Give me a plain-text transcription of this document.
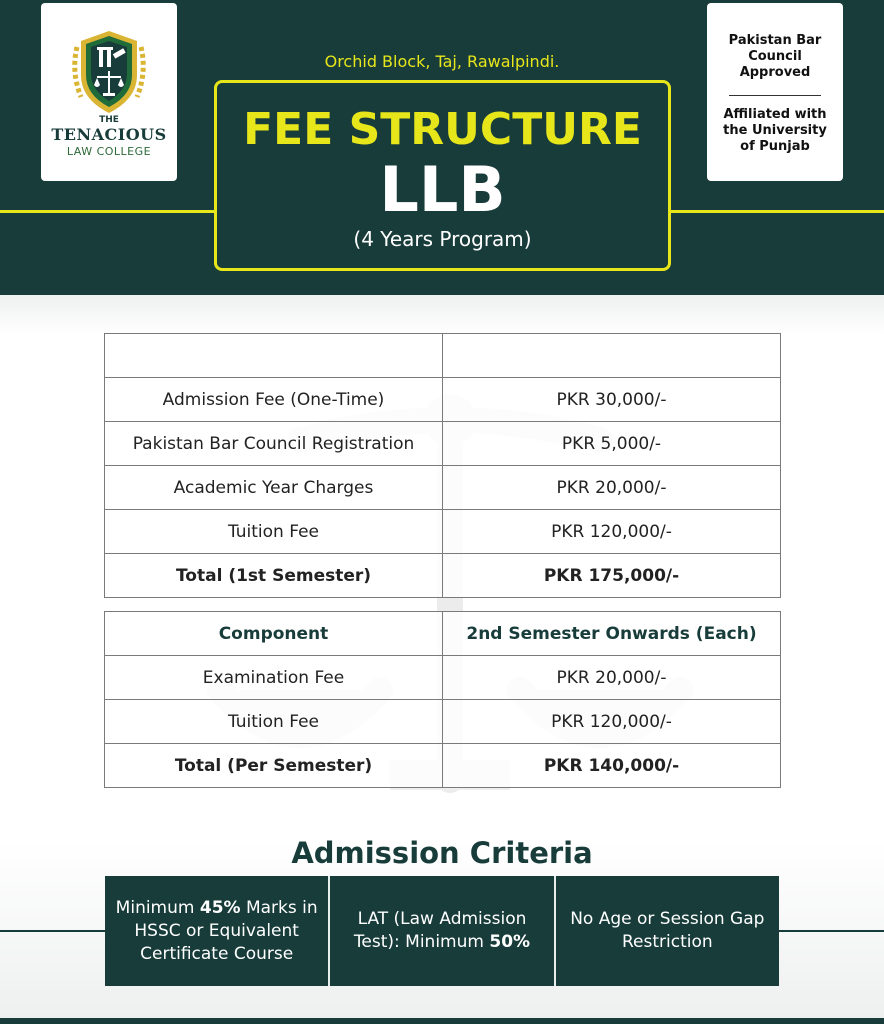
THE
TENACIOUS
LAW COLLEGE
Orchid Block, Taj, Rawalpindi.
FEE STRUCTURE
LLB
(4 Years Program)
Pakistan Bar Council Approved
Affiliated with the University of Punjab
Component	1st Semester
Admission Fee (One-Time)	PKR 30,000/-
Pakistan Bar Council Registration	PKR 5,000/-
Academic Year Charges	PKR 20,000/-
Tuition Fee	PKR 120,000/-
Total (1st Semester)	PKR 175,000/-
Component	2nd Semester Onwards (Each)
Examination Fee	PKR 20,000/-
Tuition Fee	PKR 120,000/-
Total (Per Semester)	PKR 140,000/-
Admission Criteria
Minimum 45% Marks in HSSC or Equivalent Certificate Course
LAT (Law Admission Test): Minimum 50%
No Age or Session Gap Restriction
